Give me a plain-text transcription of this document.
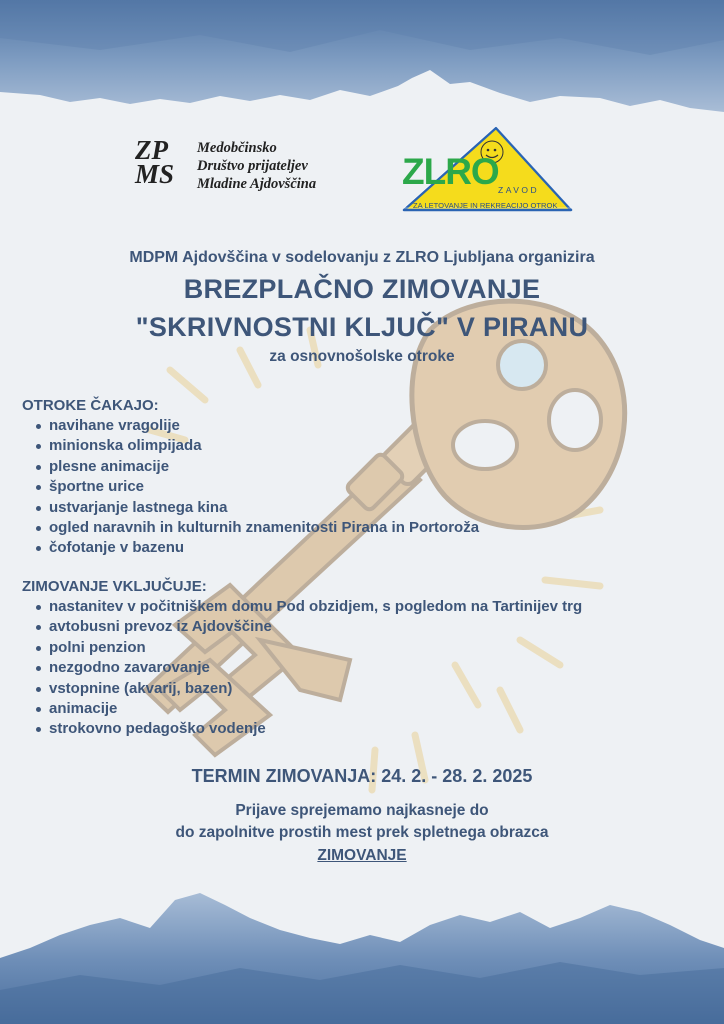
ZP
MS
Medobčinsko
Društvo prijateljev
Mladine Ajdovščina ZLRO ZAVOD
ZA LETOVANJE IN REKREACIJO OTROK
MDPM Ajdovščina v sodelovanju z ZLRO Ljubljana organizira
BREZPLAČNO ZIMOVANJE
"SKRIVNOSTNI KLJUČ" V PIRANU
za osnovnošolske otroke
OTROKE ČAKAJO:
navihane vragolije
minionska olimpijada
plesne animacije
športne urice
ustvarjanje lastnega kina
ogled naravnih in kulturnih znamenitosti Pirana in Portoroža
čofotanje v bazenu
ZIMOVANJE VKLJUČUJE:
nastanitev v počitniškem domu Pod obzidjem, s pogledom na Tartinijev trg
avtobusni prevoz iz Ajdovščine
polni penzion
nezgodno zavarovanje
vstopnine (akvarij, bazen)
animacije
strokovno pedagoško vodenje
TERMIN ZIMOVANJA: 24. 2. - 28. 2. 2025
Prijave sprejemamo najkasneje do
do zapolnitve prostih mest prek spletnega obrazca
ZIMOVANJE
